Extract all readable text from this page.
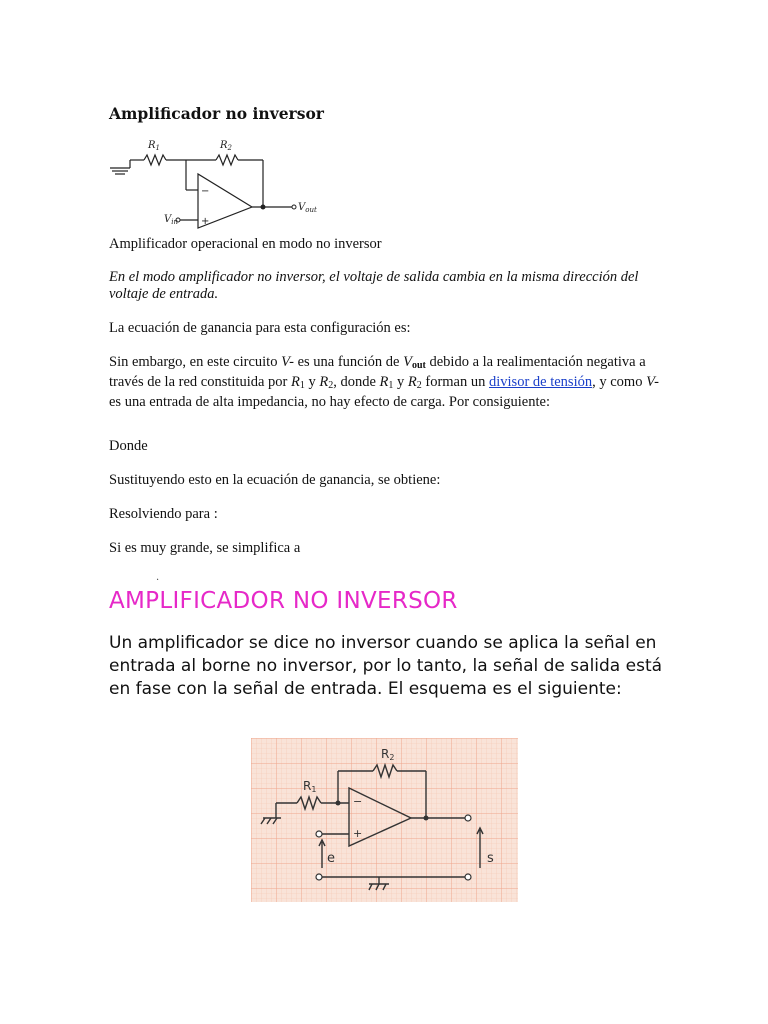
Amplificador no inversor
$R_1$	$R_2$
$V_{in}$
$V_{out}$
−
+
Amplificador operacional en modo no inversor
En el modo amplificador no inversor, el voltaje de salida cambia en la misma dirección del voltaje de entrada.
La ecuación de ganancia para esta configuración es:
Sin embargo, en este circuito V- es una función de $V_{out}$ debido a la realimentación negativa a través de la red constituida por $R_1$ y $R_2$, donde $R_1$ y $R_2$ forman un divisor de tensión, y como V- es una entrada de alta impedancia, no hay efecto de carga. Por consiguiente:
Donde
Sustituyendo esto en la ecuación de ganancia, se obtiene:
Resolviendo para :
Si es muy grande, se simplifica a
.
AMPLIFICADOR NO INVERSOR
Un amplificador se dice no inversor cuando se aplica la señal en entrada al borne no inversor, por lo tanto, la señal de salida está en fase con la señal de entrada. El esquema es el siguiente:
R1
R2
−
+
e	s
